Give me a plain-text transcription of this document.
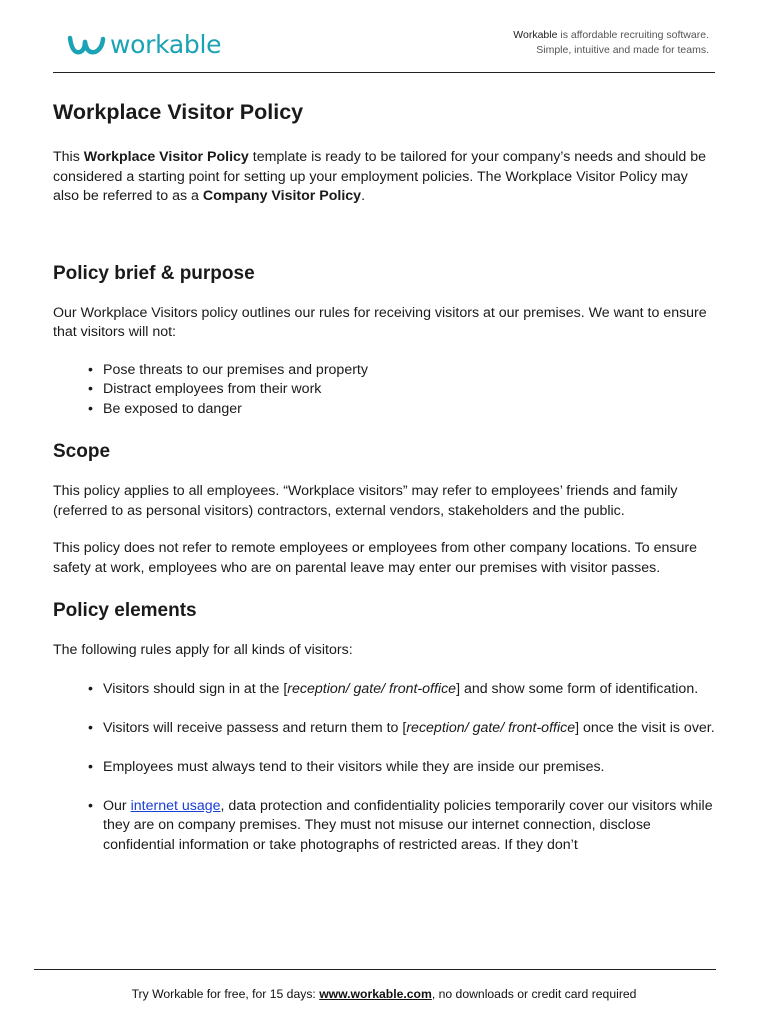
workable	Workable is affordable recruiting software.
Simple, intuitive and made for teams.
Workplace Visitor Policy

This Workplace Visitor Policy template is ready to be tailored for your company’s needs and should be considered a starting point for setting up your employment policies. The Workplace Visitor Policy may also be referred to as a Company Visitor Policy.

Policy brief & purpose

Our Workplace Visitors policy outlines our rules for receiving visitors at our premises. We want to ensure that visitors will not:

• Pose threats to our premises and property
• Distract employees from their work
• Be exposed to danger
Scope

This policy applies to all employees. “Workplace visitors” may refer to employees’ friends and family (referred to as personal visitors) contractors, external vendors, stakeholders and the public.

This policy does not refer to remote employees or employees from other company locations. To ensure safety at work, employees who are on parental leave may enter our premises with visitor passes.

Policy elements

The following rules apply for all kinds of visitors:

• Visitors should sign in at the [reception/ gate/ front-office] and show some form of identification.
• Visitors will receive passess and return them to [reception/ gate/ front-office] once the visit is over.
• Employees must always tend to their visitors while they are inside our premises.
• Our internet usage, data protection and confidentiality policies temporarily cover our visitors while they are on company premises. They must not misuse our internet connection, disclose confidential information or take photographs of restricted areas. If they don’t
Try Workable for free, for 15 days: www.workable.com, no downloads or credit card required
